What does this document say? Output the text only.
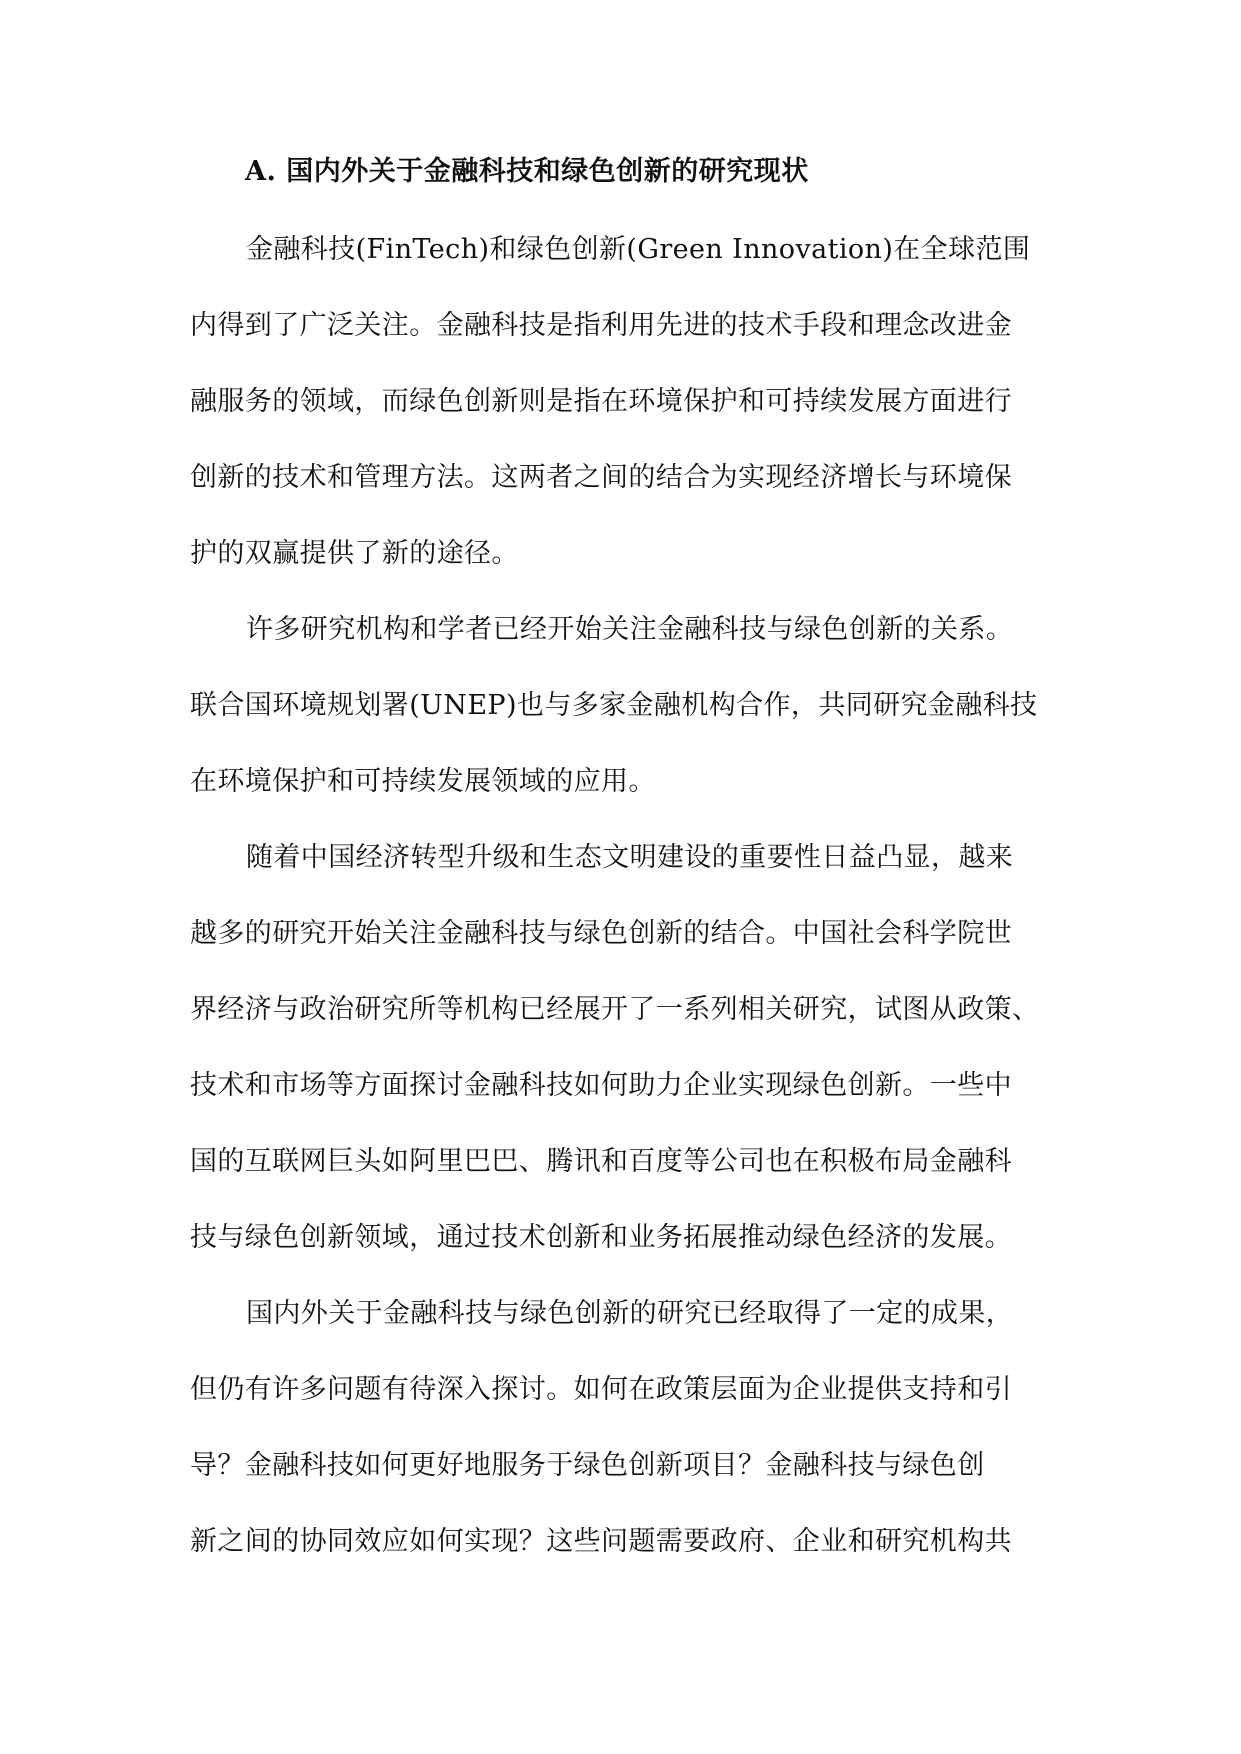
A. 国内外关于金融科技和绿色创新的研究现状
金融科技(FinTech)和绿色创新(Green Innovation)在全球范围
内得到了广泛关注。金融科技是指利用先进的技术手段和理念改进金
融服务的领域，而绿色创新则是指在环境保护和可持续发展方面进行
创新的技术和管理方法。这两者之间的结合为实现经济增长与环境保
护的双赢提供了新的途径。
许多研究机构和学者已经开始关注金融科技与绿色创新的关系。
联合国环境规划署(UNEP)也与多家金融机构合作，共同研究金融科技
在环境保护和可持续发展领域的应用。
随着中国经济转型升级和生态文明建设的重要性日益凸显，越来
越多的研究开始关注金融科技与绿色创新的结合。中国社会科学院世
界经济与政治研究所等机构已经展开了一系列相关研究，试图从政策、
技术和市场等方面探讨金融科技如何助力企业实现绿色创新。一些中
国的互联网巨头如阿里巴巴、腾讯和百度等公司也在积极布局金融科
技与绿色创新领域，通过技术创新和业务拓展推动绿色经济的发展。
国内外关于金融科技与绿色创新的研究已经取得了一定的成果，
但仍有许多问题有待深入探讨。如何在政策层面为企业提供支持和引
导？金融科技如何更好地服务于绿色创新项目？金融科技与绿色创
新之间的协同效应如何实现？这些问题需要政府、企业和研究机构共
